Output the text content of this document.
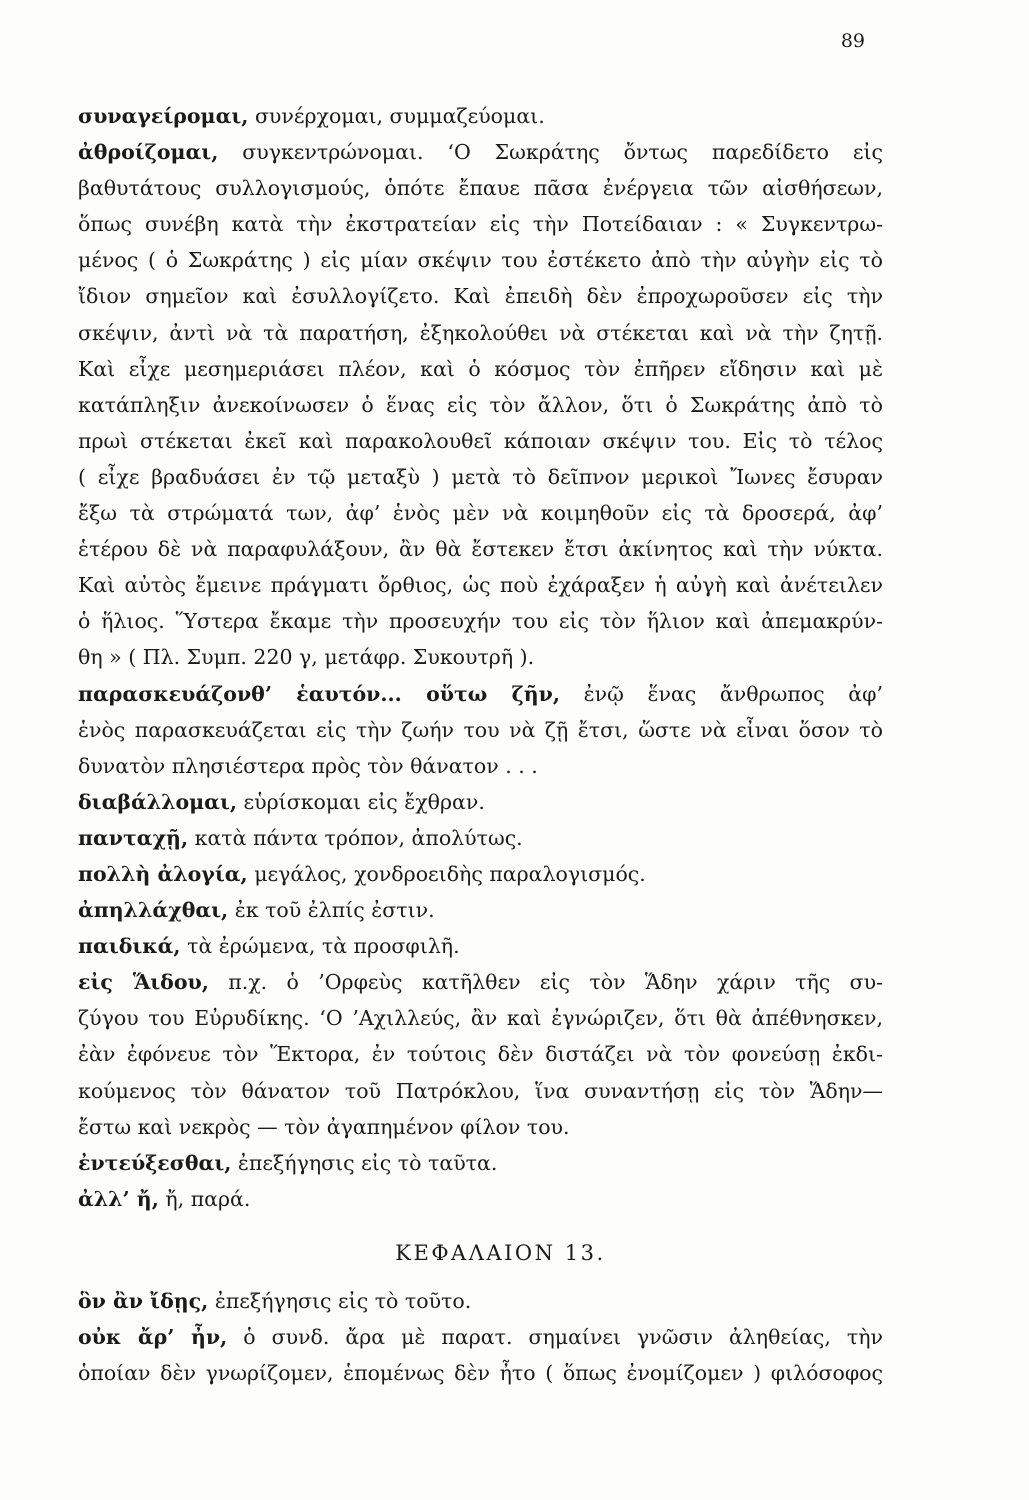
89
συναγείρομαι, συνέρχομαι, συμμαζεύομαι.
ἀθροίζομαι, συγκεντρώνομαι. ‘Ο Σωκράτης ὄντως παρεδίδετο εἰς
βαθυτάτους συλλογισμούς, ὁπότε ἔπαυε πᾶσα ἐνέργεια τῶν αἰσθήσεων,
ὅπως συνέβη κατὰ τὴν ἐκστρατείαν εἰς τὴν Ποτείδαιαν : « Συγκεντρω-
μένος ( ὁ Σωκράτης ) εἰς μίαν σκέψιν του ἐστέκετο ἀπὸ τὴν αὐγὴν εἰς τὸ
ἴδιον σημεῖον καὶ ἐσυλλογίζετο. Καὶ ἐπειδὴ δὲν ἐπροχωροῦσεν εἰς τὴν
σκέψιν, ἀντὶ νὰ τὰ παρατήση, ἐξηκολούθει νὰ στέκεται καὶ νὰ τὴν ζητῇ.
Καὶ εἶχε μεσημεριάσει πλέον, καὶ ὁ κόσμος τὸν ἐπῆρεν εἴδησιν καὶ μὲ
κατάπληξιν ἀνεκοίνωσεν ὁ ἕνας εἰς τὸν ἄλλον, ὅτι ὁ Σωκράτης ἀπὸ τὸ
πρωὶ στέκεται ἐκεῖ καὶ παρακολουθεῖ κάποιαν σκέψιν του. Εἰς τὸ τέλος
( εἶχε βραδυάσει ἐν τῷ μεταξὺ ) μετὰ τὸ δεῖπνον μερικοὶ Ἴωνες ἔσυραν
ἔξω τὰ στρώματά των, ἀφ’ ἑνὸς μὲν νὰ κοιμηθοῦν εἰς τὰ δροσερά, ἀφ’
ἑτέρου δὲ νὰ παραφυλάξουν, ἂν θὰ ἔστεκεν ἔτσι ἀκίνητος καὶ τὴν νύκτα.
Καὶ αὐτὸς ἔμεινε πράγματι ὄρθιος, ὡς ποὺ ἐχάραξεν ἡ αὐγὴ καὶ ἀνέτειλεν
ὁ ἥλιος. Ὕστερα ἔκαμε τὴν προσευχήν του εἰς τὸν ἥλιον καὶ ἀπεμακρύν-
θη » ( Πλ. Συμπ. 220 γ, μετάφρ. Συκουτρῆ ).
παρασκευάζονθ’ ἑαυτόν... οὕτω ζῆν, ἐνῷ ἕνας ἄνθρωπος ἀφ’
ἑνὸς παρασκευάζεται εἰς τὴν ζωήν του νὰ ζῇ ἔτσι, ὥστε νὰ εἶναι ὅσον τὸ
δυνατὸν πλησιέστερα πρὸς τὸν θάνατον . . .
διαβάλλομαι, εὑρίσκομαι εἰς ἔχθραν.
πανταχῇ, κατὰ πάντα τρόπον, ἀπολύτως.
πολλὴ ἀλογία, μεγάλος, χονδροειδὴς παραλογισμός.
ἀπηλλάχθαι, ἐκ τοῦ ἐλπίς ἐστιν.
παιδικά, τὰ ἐρώμενα, τὰ προσφιλῆ.
εἰς Ἅιδου, π.χ. ὁ ’Ορφεὺς κατῆλθεν εἰς τὸν Ἅδην χάριν τῆς συ-
ζύγου του Εὐρυδίκης. ‘Ο ’Αχιλλεύς, ἂν καὶ ἐγνώριζεν, ὅτι θὰ ἀπέθνησκεν,
ἐὰν ἐφόνευε τὸν Ἕκτορα, ἐν τούτοις δὲν διστάζει νὰ τὸν φονεύσῃ ἐκδι-
κούμενος τὸν θάνατον τοῦ Πατρόκλου, ἵνα συναντήσῃ εἰς τὸν Ἅδην—
ἔστω καὶ νεκρὸς — τὸν ἀγαπημένον φίλον του.
ἐντεύξεσθαι, ἐπεξήγησις εἰς τὸ ταῦτα.
ἀλλ’ ἤ, ἤ, παρά.
ΚΕΦΑΛΑΙΟΝ 13.
ὃν ἂν ἴδῃς, ἐπεξήγησις εἰς τὸ τοῦτο.
οὐκ ἄρ’ ἦν, ὁ συνδ. ἄρα μὲ παρατ. σημαίνει γνῶσιν ἀληθείας, τὴν
ὁποίαν δὲν γνωρίζομεν, ἑπομένως δὲν ἦτο ( ὅπως ἐνομίζομεν ) φιλόσοφος
